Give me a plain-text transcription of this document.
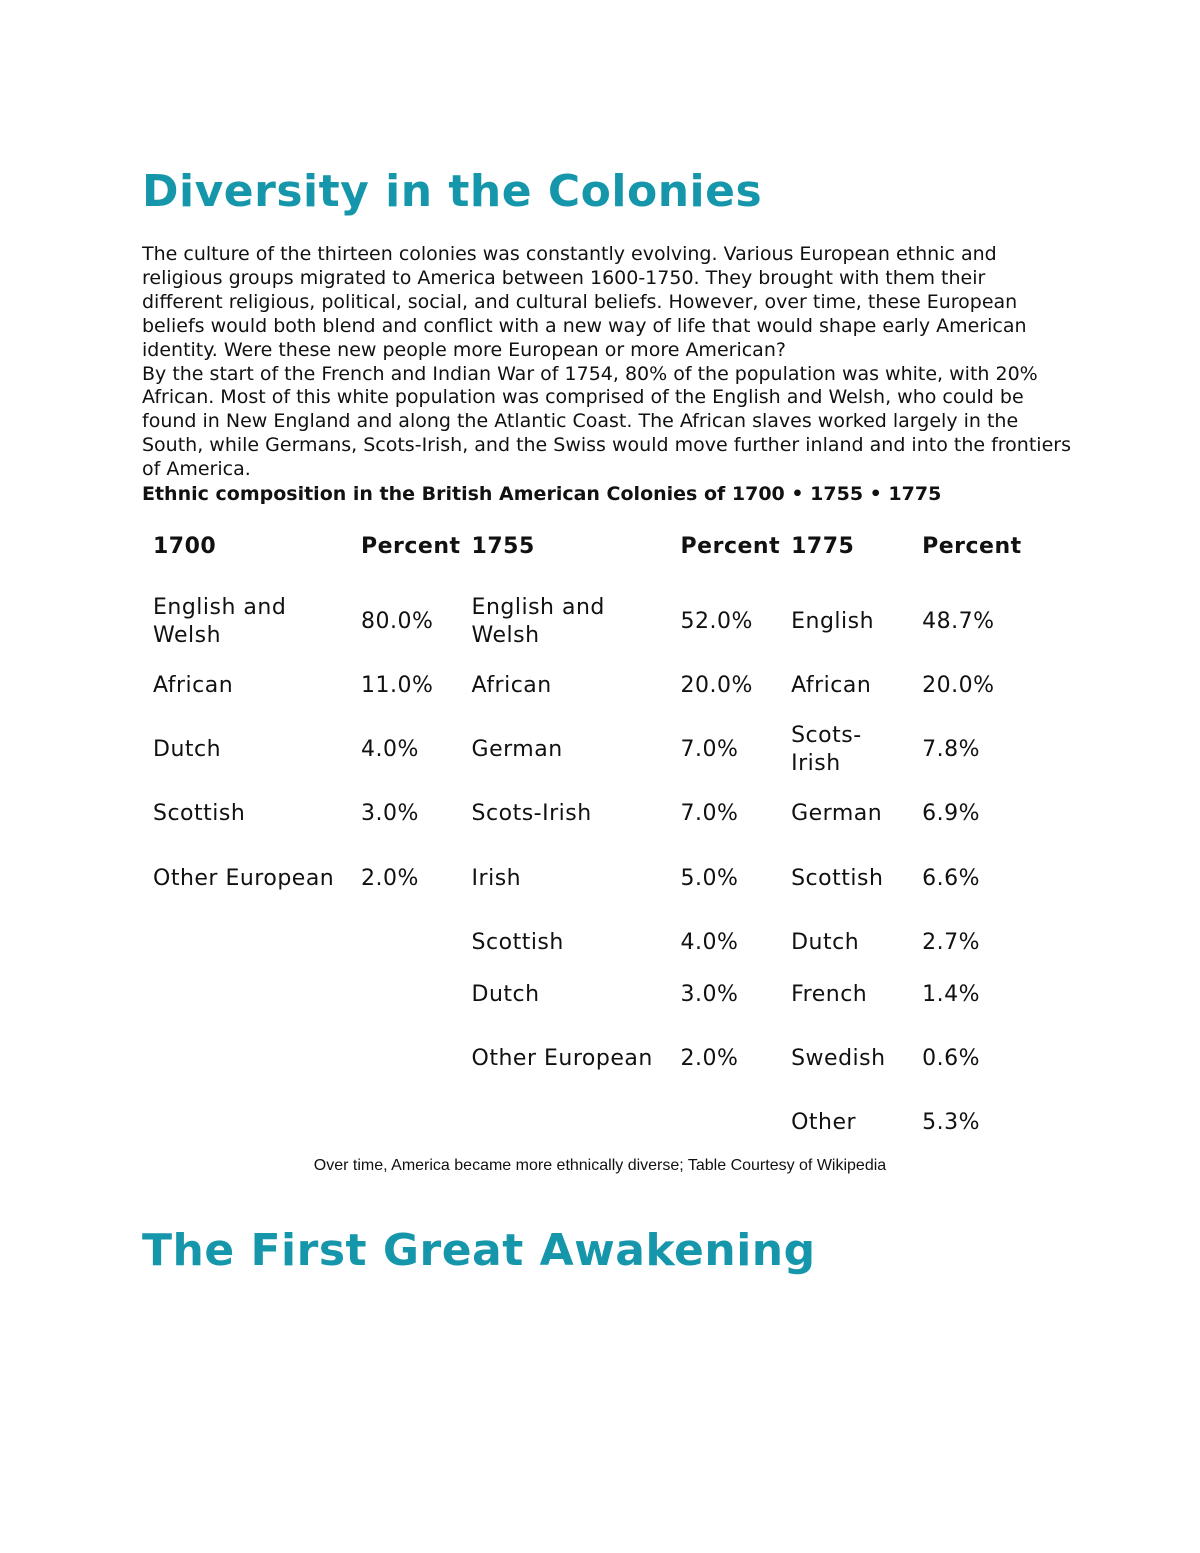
Diversity in the Colonies

The culture of the thirteen colonies was constantly evolving. Various European ethnic and religious groups migrated to America between 1600-1750. They brought with them their different religious, political, social, and cultural beliefs. However, over time, these European beliefs would both blend and conflict with a new way of life that would shape early American identity. Were these new people more European or more American?

By the start of the French and Indian War of 1754, 80% of the population was white, with 20% African. Most of this white population was comprised of the English and Welsh, who could be found in New England and along the Atlantic Coast. The African slaves worked largely in the South, while Germans, Scots-Irish, and the Swiss would move further inland and into the frontiers of America.

Ethnic composition in the British American Colonies of 1700 • 1755 • 1775

1700	Percent	1755	Percent	1775	Percent
English and Welsh	80.0%	English and Welsh	52.0%	English	48.7%
African	11.0%	African	20.0%	African	20.0%
Dutch	4.0%	German	7.0%	Scots-Irish	7.8%
Scottish	3.0%	Scots-Irish	7.0%	German	6.9%
Other European	2.0%	Irish	5.0%	Scottish	6.6%
		Scottish	4.0%	Dutch	2.7%
		Dutch	3.0%	French	1.4%
		Other European	2.0%	Swedish	0.6%
				Other	5.3%

Over time, America became more ethnically diverse; Table Courtesy of Wikipedia

The First Great Awakening
